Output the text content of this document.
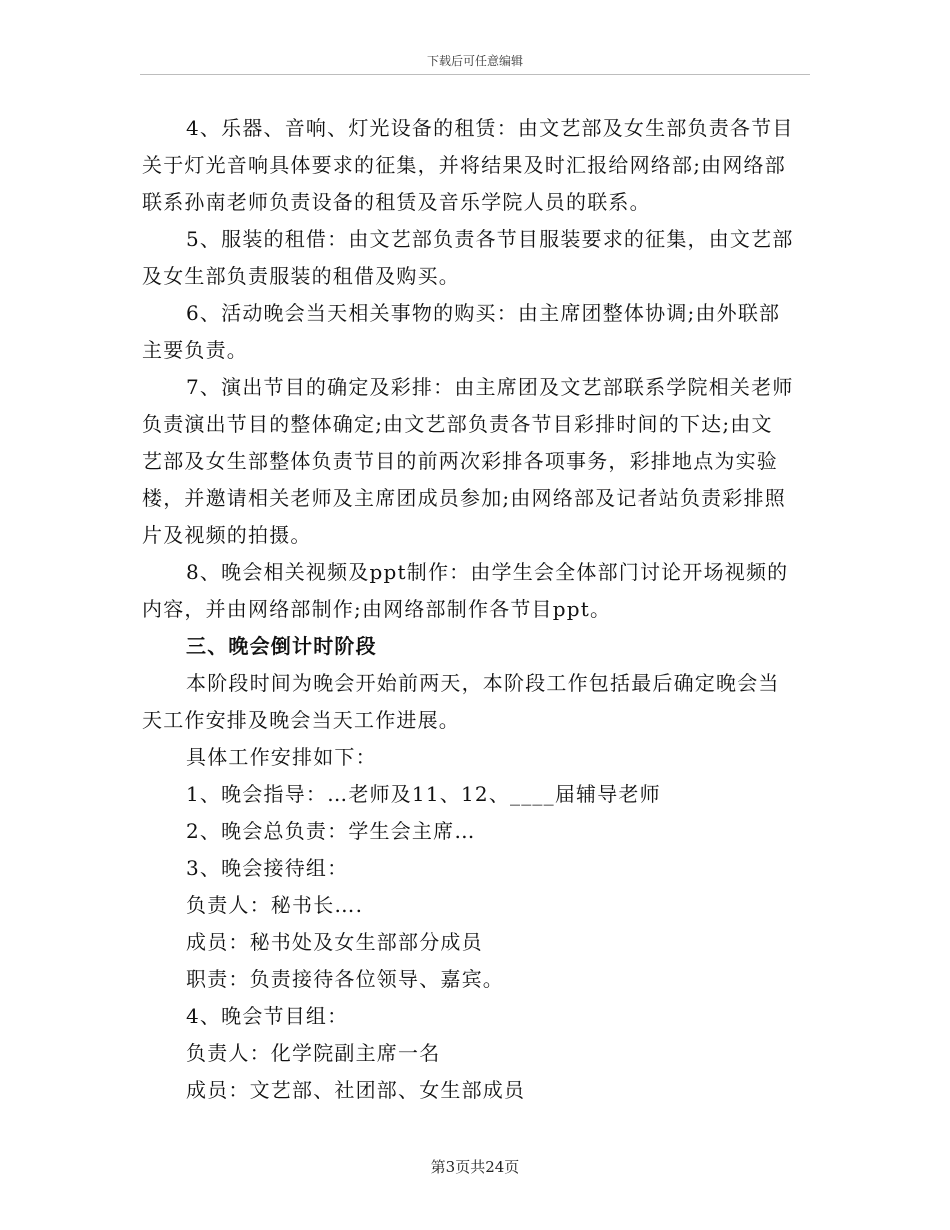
下载后可任意编辑
4、乐器、音响、灯光设备的租赁：由文艺部及女生部负责各节目
关于灯光音响具体要求的征集，并将结果及时汇报给网络部;由网络部
联系孙南老师负责设备的租赁及音乐学院人员的联系。
5、服装的租借：由文艺部负责各节目服装要求的征集，由文艺部
及女生部负责服装的租借及购买。
6、活动晚会当天相关事物的购买：由主席团整体协调;由外联部
主要负责。
7、演出节目的确定及彩排：由主席团及文艺部联系学院相关老师
负责演出节目的整体确定;由文艺部负责各节目彩排时间的下达;由文
艺部及女生部整体负责节目的前两次彩排各项事务，彩排地点为实验
楼，并邀请相关老师及主席团成员参加;由网络部及记者站负责彩排照
片及视频的拍摄。
8、晚会相关视频及ppt制作：由学生会全体部门讨论开场视频的
内容，并由网络部制作;由网络部制作各节目ppt。
三、晚会倒计时阶段
本阶段时间为晚会开始前两天，本阶段工作包括最后确定晚会当
天工作安排及晚会当天工作进展。
具体工作安排如下：
1、晚会指导：…老师及11、12、____届辅导老师
2、晚会总负责：学生会主席…
3、晚会接待组：
负责人：秘书长….
成员：秘书处及女生部部分成员
职责：负责接待各位领导、嘉宾。
4、晚会节目组：
负责人：化学院副主席一名
成员：文艺部、社团部、女生部成员
第3页共24页
